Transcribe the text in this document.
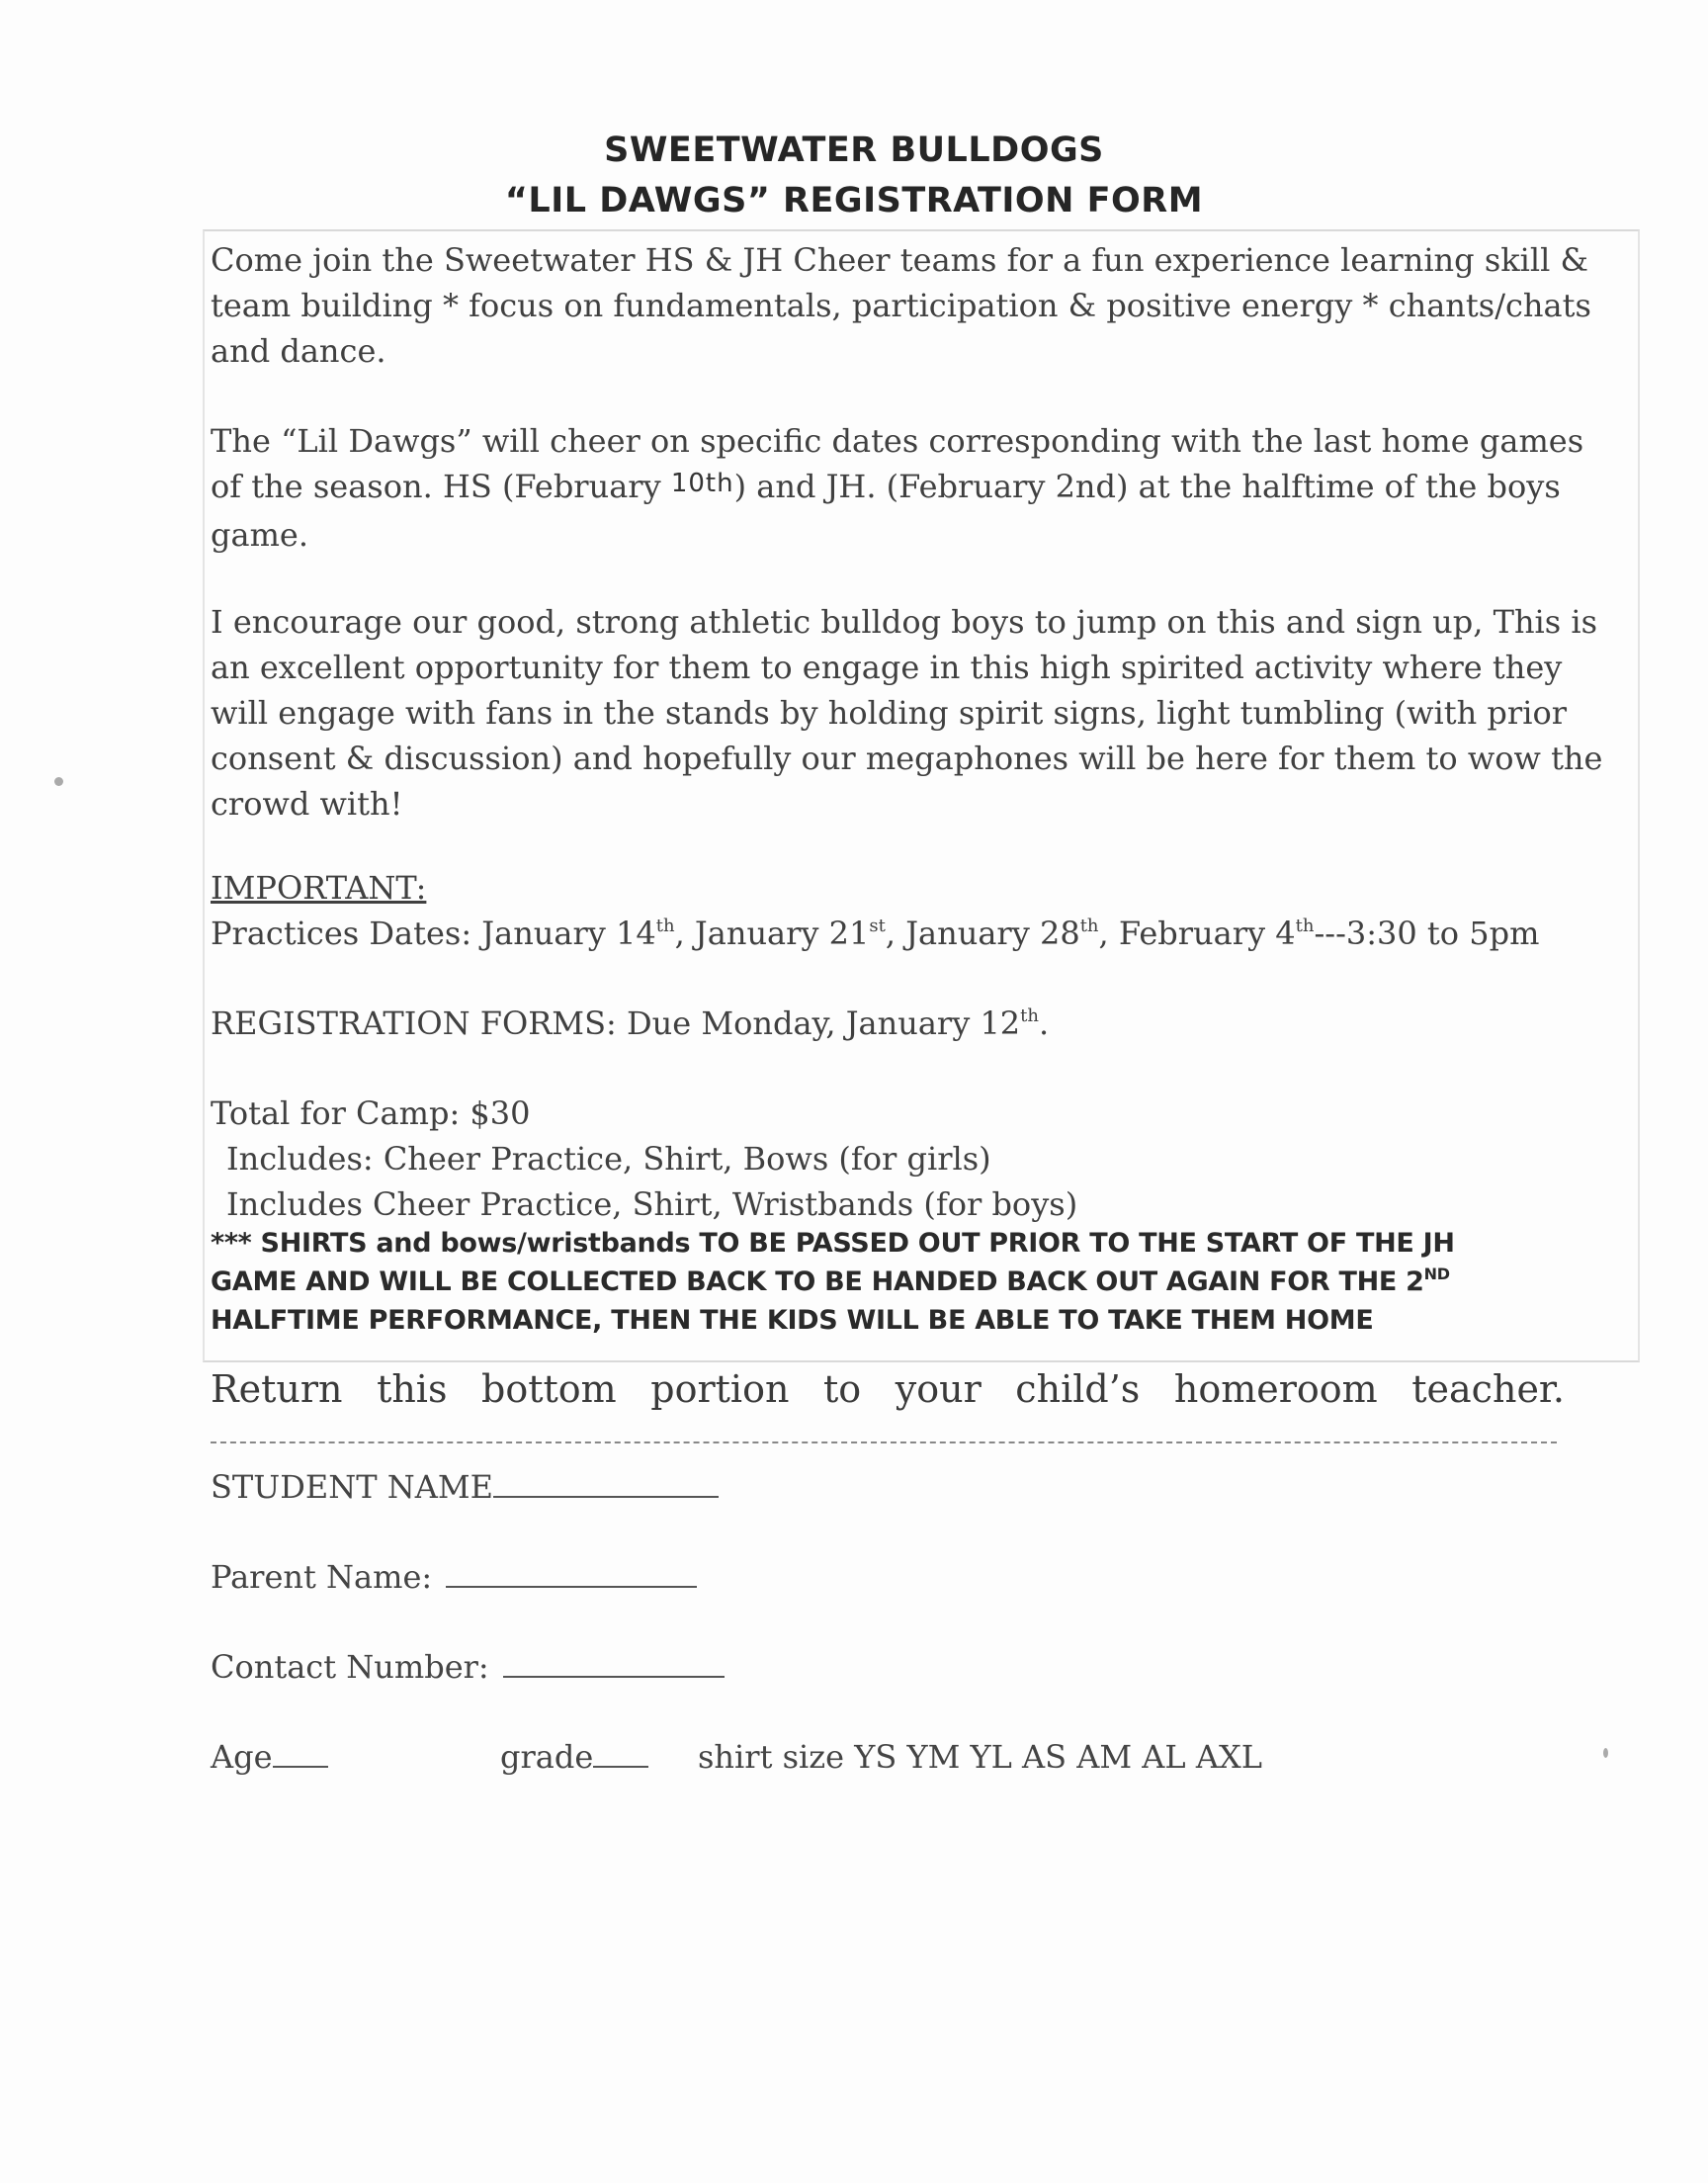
SWEETWATER BULLDOGS
“LIL DAWGS” REGISTRATION FORM

Come join the Sweetwater HS & JH Cheer teams for a fun experience learning skill & team building * focus on fundamentals, participation & positive energy * chants/chats and dance.

The “Lil Dawgs” will cheer on specific dates corresponding with the last home games of the season. HS (February 10th) and JH. (February 2nd) at the halftime of the boys game.

I encourage our good, strong athletic bulldog boys to jump on this and sign up, This is an excellent opportunity for them to engage in this high spirited activity where they will engage with fans in the stands by holding spirit signs, light tumbling (with prior consent & discussion) and hopefully our megaphones will be here for them to wow the crowd with!

IMPORTANT:
Practices Dates: January 14th, January 21st, January 28th, February 4th---3:30 to 5pm

REGISTRATION FORMS: Due Monday, January 12th.

Total for Camp: $30
Includes: Cheer Practice, Shirt, Bows (for girls)
Includes Cheer Practice, Shirt, Wristbands (for boys)

*** SHIRTS and bows/wristbands TO BE PASSED OUT PRIOR TO THE START OF THE JH
GAME AND WILL BE COLLECTED BACK TO BE HANDED BACK OUT AGAIN FOR THE 2ND
HALFTIME PERFORMANCE, THEN THE KIDS WILL BE ABLE TO TAKE THEM HOME

Return this bottom portion to your child’s homeroom teacher.
STUDENT NAME
Parent Name:
Contact Number:
Age	grade	shirt size YS YM YL AS AM AL AXL
